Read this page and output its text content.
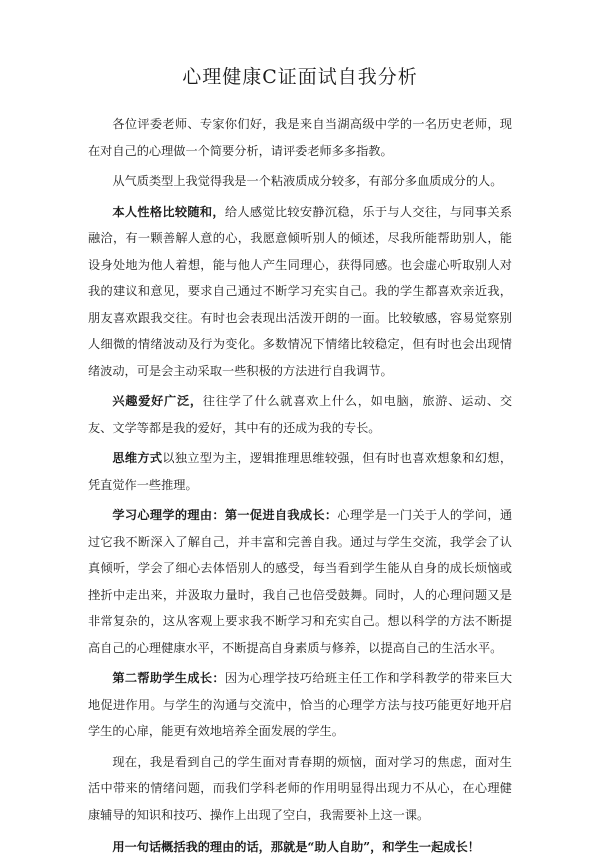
心理健康C证面试自我分析

各位评委老师、专家你们好，我是来自当湖高级中学的一名历史老师，现在对自己的心理做一个简要分析，请评委老师多多指教。

从气质类型上我觉得我是一个粘液质成分较多，有部分多血质成分的人。

本人性格比较随和，给人感觉比较安静沉稳，乐于与人交往，与同事关系融洽，有一颗善解人意的心，我愿意倾听别人的倾述，尽我所能帮助别人，能设身处地为他人着想，能与他人产生同理心，获得同感。也会虚心听取别人对我的建议和意见，要求自己通过不断学习充实自己。我的学生都喜欢亲近我，朋友喜欢跟我交往。有时也会表现出活泼开朗的一面。比较敏感，容易觉察别人细微的情绪波动及行为变化。多数情况下情绪比较稳定，但有时也会出现情绪波动，可是会主动采取一些积极的方法进行自我调节。

兴趣爱好广泛，往往学了什么就喜欢上什么，如电脑，旅游、运动、交友、文学等都是我的爱好，其中有的还成为我的专长。

思维方式以独立型为主，逻辑推理思维较强，但有时也喜欢想象和幻想，凭直觉作一些推理。

学习心理学的理由：第一促进自我成长：心理学是一门关于人的学问，通过它我不断深入了解自己，并丰富和完善自我。通过与学生交流，我学会了认真倾听，学会了细心去体悟别人的感受，每当看到学生能从自身的成长烦恼或挫折中走出来，并汲取力量时，我自己也倍受鼓舞。同时，人的心理问题又是非常复杂的，这从客观上要求我不断学习和充实自己。想以科学的方法不断提高自己的心理健康水平，不断提高自身素质与修养，以提高自己的生活水平。

第二帮助学生成长：因为心理学技巧给班主任工作和学科教学的带来巨大地促进作用。与学生的沟通与交流中，恰当的心理学方法与技巧能更好地开启学生的心扉，能更有效地培养全面发展的学生。

现在，我是看到自己的学生面对青春期的烦恼，面对学习的焦虑，面对生活中带来的情绪问题，而我们学科老师的作用明显得出现力不从心，在心理健康辅导的知识和技巧、操作上出现了空白，我需要补上这一课。

用一句话概括我的理由的话，那就是“助人自助”，和学生一起成长！
